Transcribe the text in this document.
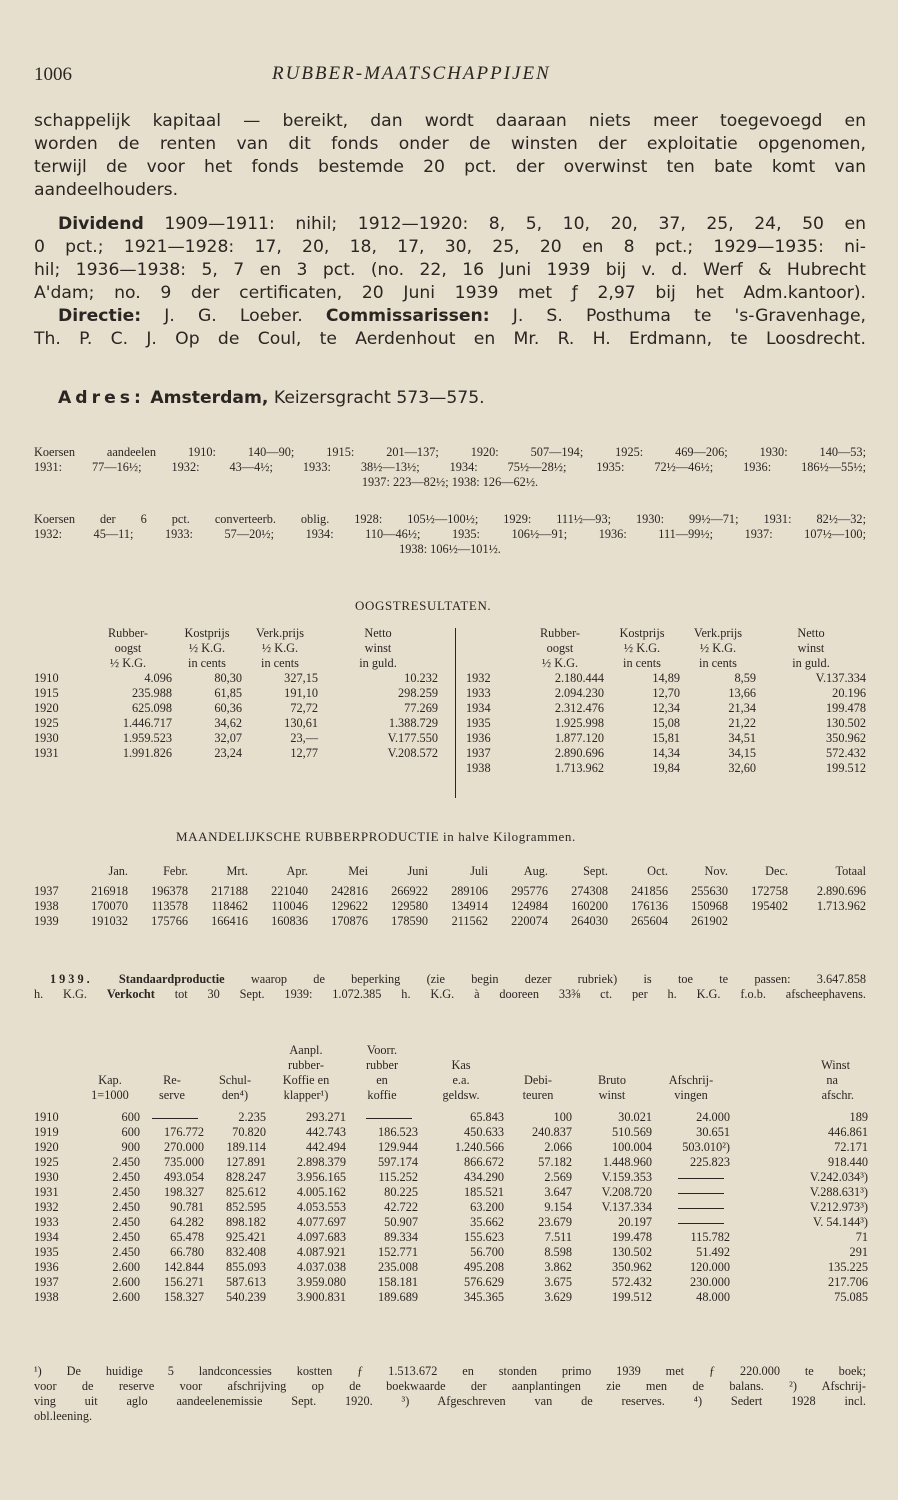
1006	RUBBER-MAATSCHAPPIJEN
schappelijk kapitaal — bereikt, dan wordt daaraan niets meer toegevoegd en
worden de renten van dit fonds onder de winsten der exploitatie opgenomen,
terwijl de voor het fonds bestemde 20 pct. der overwinst ten bate komt van
aandeelhouders.
Dividend 1909—1911: nihil; 1912—1920: 8, 5, 10, 20, 37, 25, 24, 50 en
0 pct.; 1921—1928: 17, 20, 18, 17, 30, 25, 20 en 8 pct.; 1929—1935: ni-
hil; 1936—1938: 5, 7 en 3 pct. (no. 22, 16 Juni 1939 bij v. d. Werf & Hubrecht
A'dam; no. 9 der certificaten, 20 Juni 1939 met ƒ 2,97 bij het Adm.kantoor).
Directie: J. G. Loeber. Commissarissen: J. S. Posthuma te 's-Gravenhage,
Th. P. C. J. Op de Coul, te Aerdenhout en Mr. R. H. Erdmann, te Loosdrecht.
Adres: Amsterdam, Keizersgracht 573—575.
Koersen aandeelen 1910: 140—90; 1915: 201—137; 1920: 507—194; 1925: 469—206; 1930: 140—53;
1931: 77—16½; 1932: 43—4½; 1933: 38½—13½; 1934: 75½—28½; 1935: 72½—46½; 1936: 186½—55½;
1937: 223—82½; 1938: 126—62½.
Koersen der 6 pct. converteerb. oblig. 1928: 105½—100½; 1929: 111½—93; 1930: 99½—71; 1931: 82½—32;
1932: 45—11; 1933: 57—20½; 1934: 110—46½; 1935: 106½—91; 1936: 111—99½; 1937: 107½—100;
1938: 106½—101½.
OOGSTRESULTATEN.
	Rubber-	Kostprijs	Verk.prijs	Netto
	oogst	½ K.G.	½ K.G.	winst
	½ K.G.	in cents	in cents	in guld.
1910	4.096	80,30	327,15	10.232
1915	235.988	61,85	191,10	298.259
1920	625.098	60,36	72,72	77.269
1925	1.446.717	34,62	130,61	1.388.729
1930	1.959.523	32,07	23,—	V.177.550
1931	1.991.826	23,24	12,77	V.208.572
	Rubber-	Kostprijs	Verk.prijs	Netto
	oogst	½ K.G.	½ K.G.	winst
	½ K.G.	in cents	in cents	in guld.
1932	2.180.444	14,89	8,59	V.137.334
1933	2.094.230	12,70	13,66	20.196
1934	2.312.476	12,34	21,34	199.478
1935	1.925.998	15,08	21,22	130.502
1936	1.877.120	15,81	34,51	350.962
1937	2.890.696	14,34	34,15	572.432
1938	1.713.962	19,84	32,60	199.512
MAANDELIJKSCHE RUBBERPRODUCTIE in halve Kilogrammen.
	Jan.	Febr.	Mrt.	Apr.	Mei	Juni	Juli	Aug.	Sept.	Oct.	Nov.	Dec.	Totaal
1937	216918	196378	217188	221040	242816	266922	289106	295776	274308	241856	255630	172758	2.890.696
1938	170070	113578	118462	110046	129622	129580	134914	124984	160200	176136	150968	195402	1.713.962
1939	191032	175766	166416	160836	170876	178590	211562	220074	264030	265604	261902		
1939. Standaardproductie waarop de beperking (zie begin dezer rubriek) is toe te passen: 3.647.858
h. K.G. Verkocht tot 30 Sept. 1939: 1.072.385 h. K.G. à dooreen 33⅜ ct. per h. K.G. f.o.b. afscheephavens.
				Aanpl.	Voorr.					
				rubber-	rubber	Kas				Winst
	Kap.	Re-	Schul-	Koffie en	en	e.a.	Debi-	Bruto	Afschrij-	na
	1=1000	serve	den⁴)	klapper¹)	koffie	geldsw.	teuren	winst	vingen	afschr.
1910	600		2.235	293.271		65.843	100	30.021	24.000	189
1919	600	176.772	70.820	442.743	186.523	450.633	240.837	510.569	30.651	446.861
1920	900	270.000	189.114	442.494	129.944	1.240.566	2.066	100.004	503.010²)	72.171
1925	2.450	735.000	127.891	2.898.379	597.174	866.672	57.182	1.448.960	225.823	918.440
1930	2.450	493.054	828.247	3.956.165	115.252	434.290	2.569	V.159.353		V.242.034³)
1931	2.450	198.327	825.612	4.005.162	80.225	185.521	3.647	V.208.720		V.288.631³)
1932	2.450	90.781	852.595	4.053.553	42.722	63.200	9.154	V.137.334		V.212.973³)
1933	2.450	64.282	898.182	4.077.697	50.907	35.662	23.679	20.197		V. 54.144³)
1934	2.450	65.478	925.421	4.097.683	89.334	155.623	7.511	199.478	115.782	71
1935	2.450	66.780	832.408	4.087.921	152.771	56.700	8.598	130.502	51.492	291
1936	2.600	142.844	855.093	4.037.038	235.008	495.208	3.862	350.962	120.000	135.225
1937	2.600	156.271	587.613	3.959.080	158.181	576.629	3.675	572.432	230.000	217.706
1938	2.600	158.327	540.239	3.900.831	189.689	345.365	3.629	199.512	48.000	75.085
¹) De huidige 5 landconcessies kostten ƒ 1.513.672 en stonden primo 1939 met ƒ 220.000 te boek;
voor de reserve voor afschrijving op de boekwaarde der aanplantingen zie men de balans. ²) Afschrij-
ving uit aglo aandeelenemissie Sept. 1920. ³) Afgeschreven van de reserves. ⁴) Sedert 1928 incl.
obl.leening.
